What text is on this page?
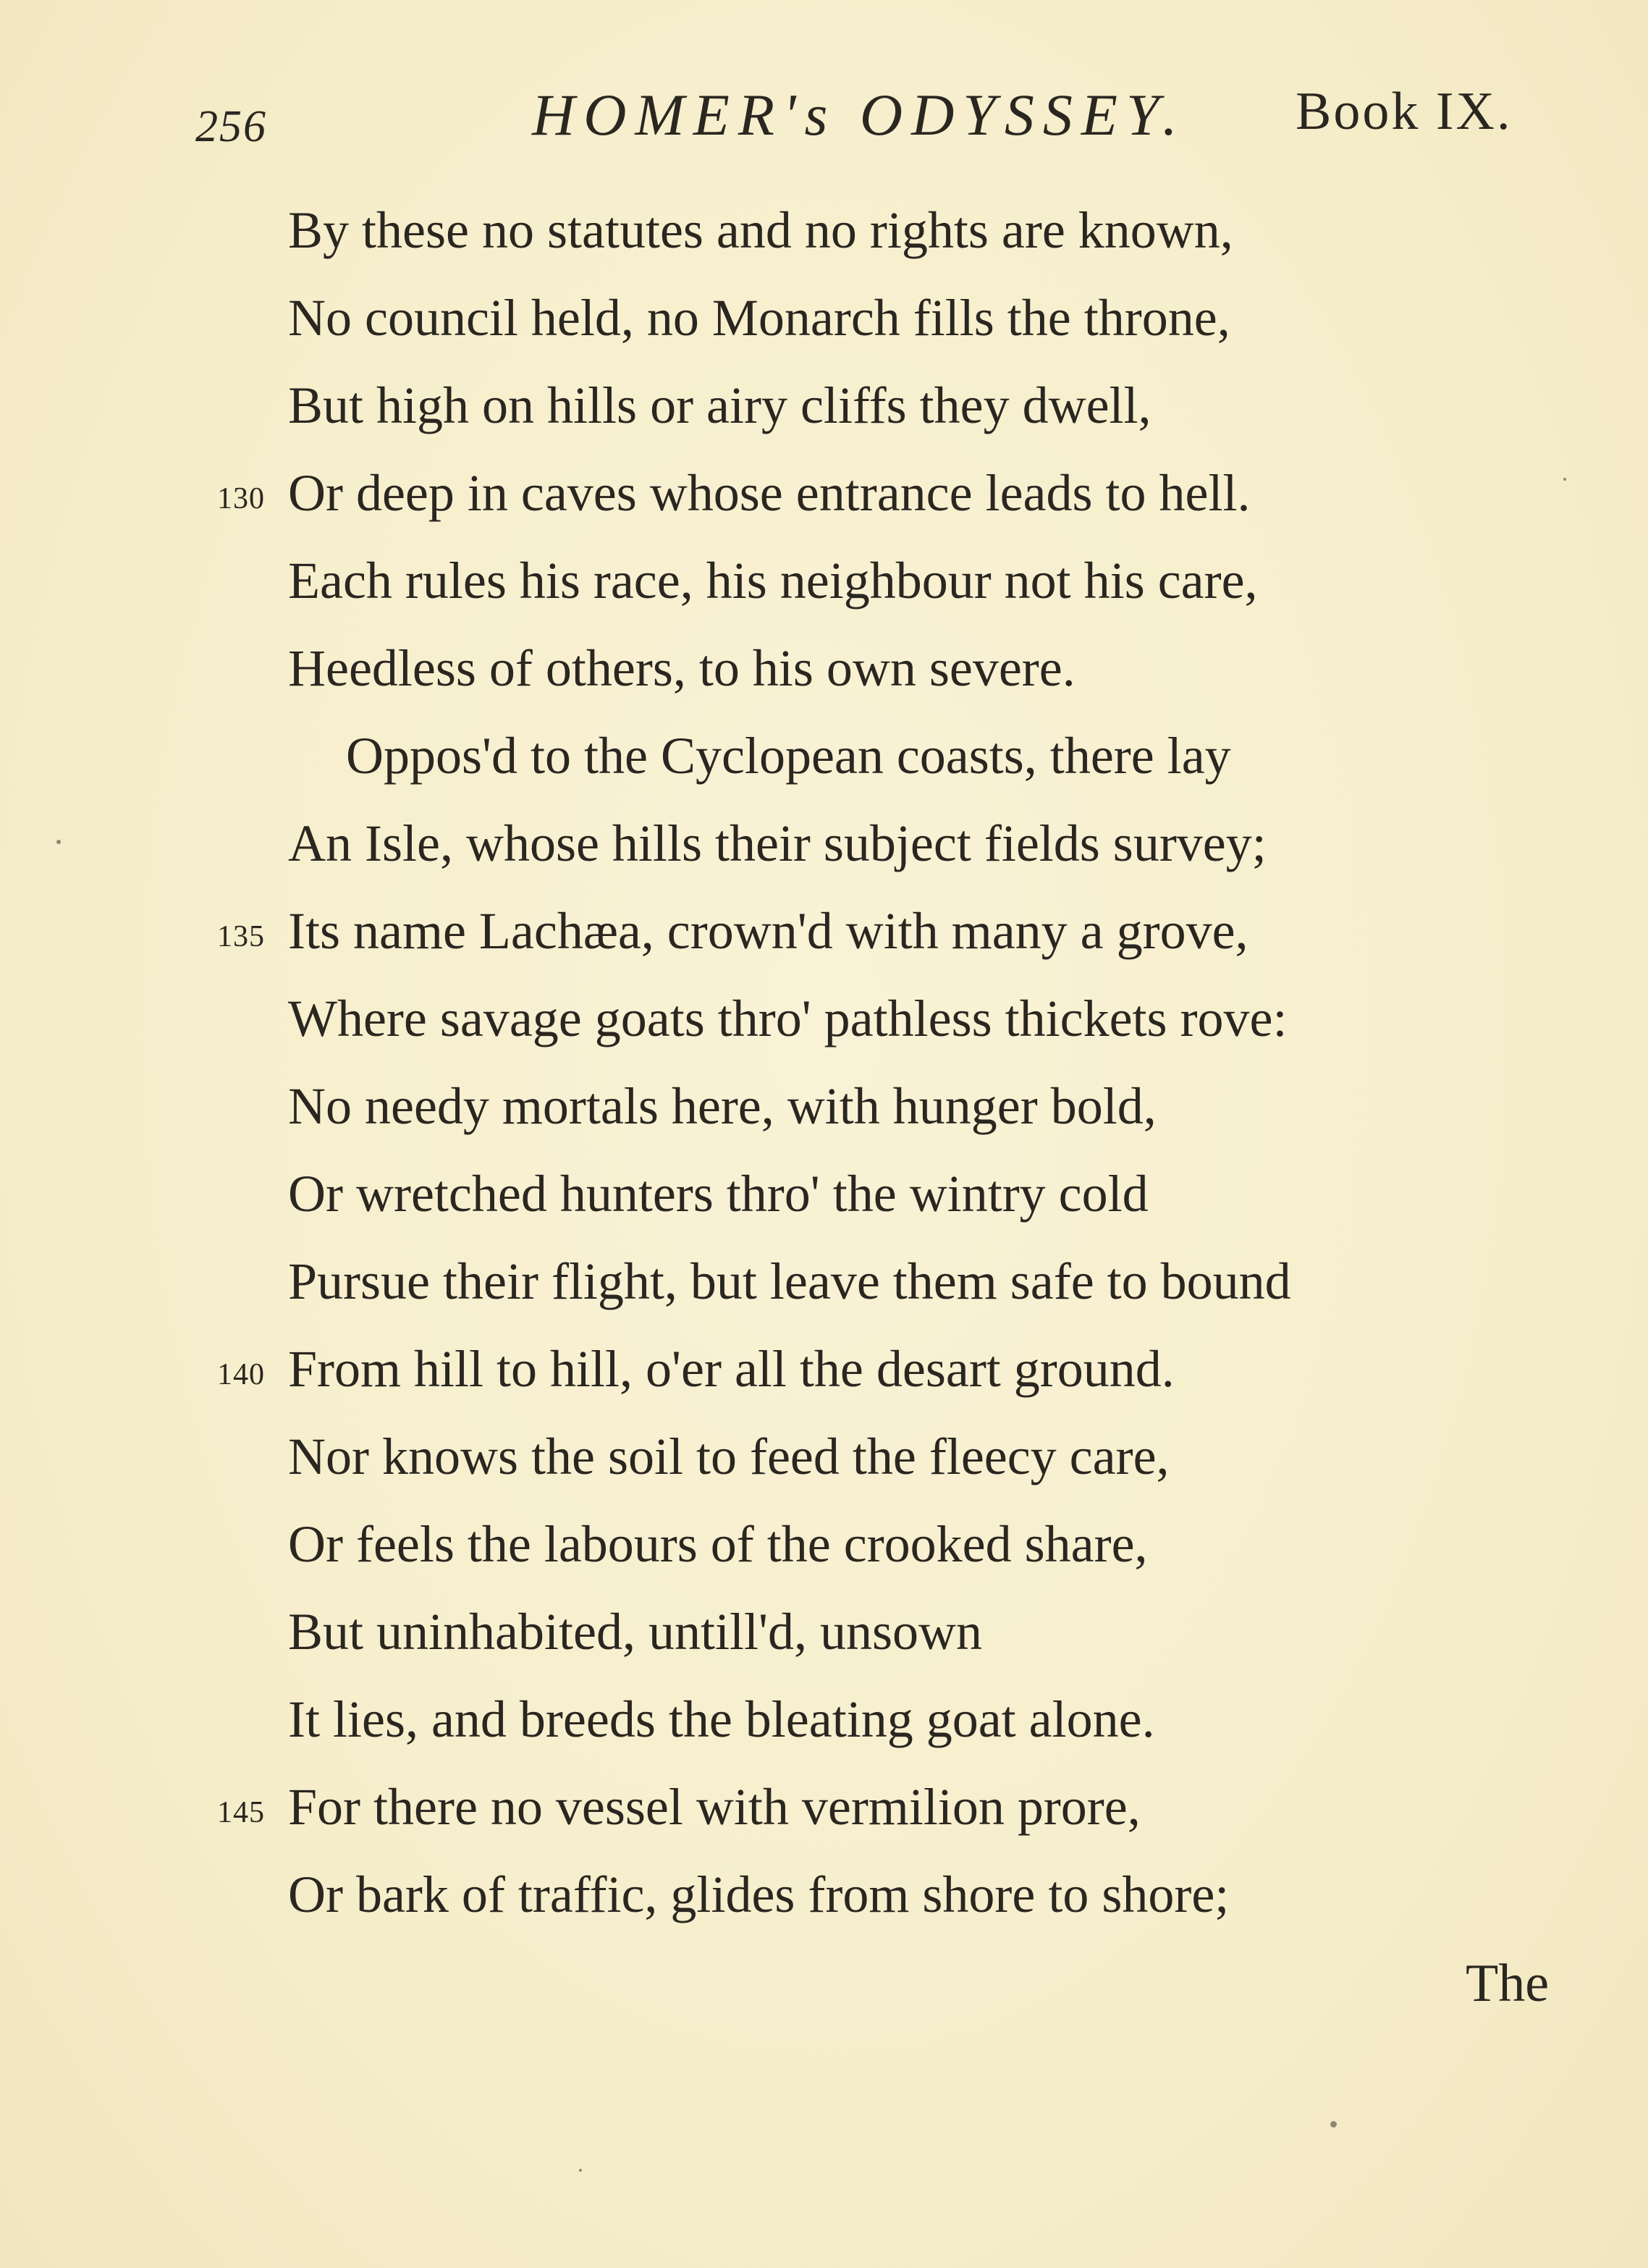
256	HOMER's ODYSSEY. Book IX.
By these no statutes and no rights are known,
No council held, no Monarch fills the throne,
But high on hills or airy cliffs they dwell,
130 Or deep in caves whose entrance leads to hell.
Each rules his race, his neighbour not his care,
Heedless of others, to his own severe.
Oppos'd to the Cyclopean coasts, there lay
An Isle, whose hills their subject fields survey;
135 Its name Lachæa, crown'd with many a grove,
Where savage goats thro' pathless thickets rove:
No needy mortals here, with hunger bold,
Or wretched hunters thro' the wintry cold
Pursue their flight, but leave them safe to bound
140 From hill to hill, o'er all the desart ground.
Nor knows the soil to feed the fleecy care,
Or feels the labours of the crooked share,
But uninhabited, untill'd, unsown
It lies, and breeds the bleating goat alone.
145 For there no vessel with vermilion prore,
Or bark of traffic, glides from shore to shore;
The
